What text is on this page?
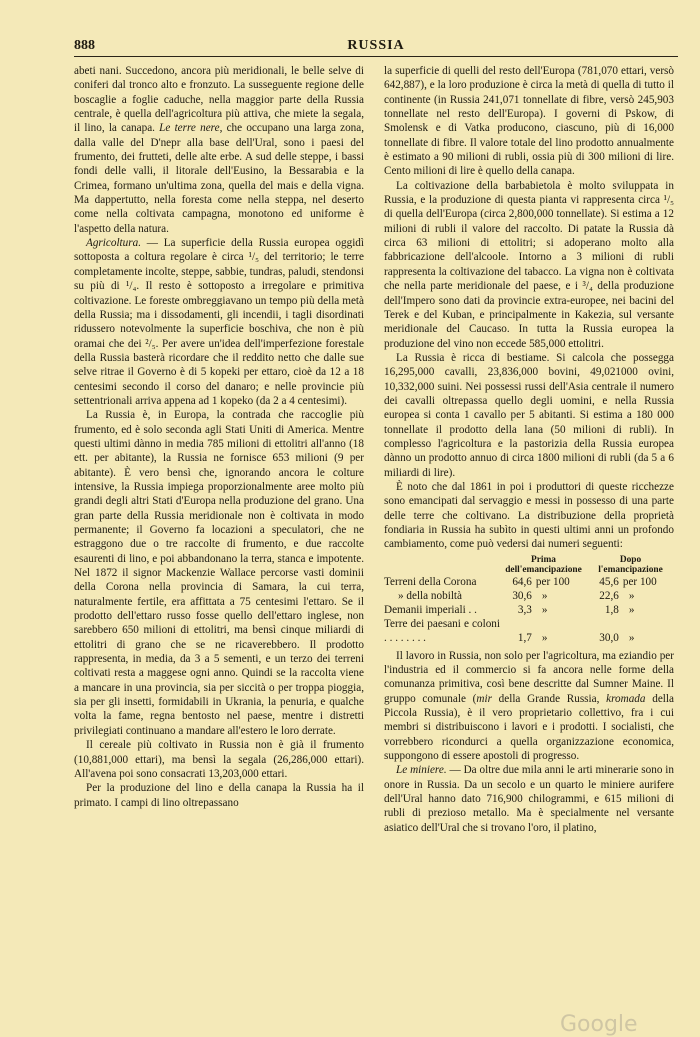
888	RUSSIA

abeti nani. Succedono, ancora più meridionali, le belle selve di coniferi dal tronco alto e fronzuto. La susseguente regione delle boscaglie a foglie caduche, nella maggior parte della Russia centrale, è quella dell'agricoltura più attiva, che miete la segala, il lino, la canapa. Le terre nere, che occupano una larga zona, dalla valle del D'nepr alla base dell'Ural, sono i paesi del frumento, dei frutteti, delle alte erbe. A sud delle steppe, i bassi fondi delle valli, il litorale dell'Eusino, la Bessarabia e la Crimea, formano un'ultima zona, quella del mais e della vigna. Ma dappertutto, nella foresta come nella steppa, nel deserto come nella coltivata campagna, monotono ed uniforme è l'aspetto della natura.

Agricoltura. — La superficie della Russia europea oggidì sottoposta a coltura regolare è circa ¹/₅ del territorio; le terre completamente incolte, steppe, sabbie, tundras, paludi, stendonsi su più di ¹/₄. Il resto è sottoposto a irregolare e primitiva coltivazione. Le foreste ombreggiavano un tempo più della metà della Russia; ma i dissodamenti, gli incendii, i tagli disordinati ridussero notevolmente la superficie boschiva, che non è più oramai che dei ²/₅. Per avere un'idea dell'imperfezione forestale della Russia basterà ricordare che il reddito netto che dalle sue selve ritrae il Governo è di 5 kopeki per ettaro, cioè da 12 a 18 centesimi secondo il corso del danaro; e nelle provincie più settentrionali arriva appena ad 1 kopeko (da 2 a 4 centesimi).

La Russia è, in Europa, la contrada che raccoglie più frumento, ed è solo seconda agli Stati Uniti di America. Mentre questi ultimi dànno in media 785 milioni di ettolitri all'anno (18 ett. per abitante), la Russia ne fornisce 653 milioni (9 per abitante). È vero bensì che, ignorando ancora le colture intensive, la Russia impiega proporzionalmente aree molto più grandi degli altri Stati d'Europa nella produzione del grano. Una gran parte della Russia meridionale non è coltivata in modo permanente; il Governo fa locazioni a speculatori, che ne estraggono due o tre raccolte di frumento, e due raccolte esaurenti di lino, e poi abbandonano la terra, stanca e impotente. Nel 1872 il signor Mackenzie Wallace percorse vasti dominii della Corona nella provincia di Samara, la cui terra, naturalmente fertile, era affittata a 75 centesimi l'ettaro. Se il prodotto dell'ettaro russo fosse quello dell'ettaro inglese, non sarebbero 650 milioni di ettolitri, ma bensì cinque miliardi di ettolitri di grano che se ne ricaverebbero. Il prodotto rappresenta, in media, da 3 a 5 sementi, e un terzo dei terreni coltivati resta a maggese ogni anno. Quindi se la raccolta viene a mancare in una provincia, sia per siccità o per troppa pioggia, sia per gli insetti, formidabili in Ukrania, la penuria, e qualche volta la fame, regna bentosto nel paese, mentre i distretti privilegiati continuano a mandare all'estero le loro derrate.

Il cereale più coltivato in Russia non è già il frumento (10,881,000 ettari), ma bensì la segala (26,286,000 ettari). All'avena poi sono consacrati 13,203,000 ettari.

Per la produzione del lino e della canapa la Russia ha il primato. I campi di lino oltrepassano

la superficie di quelli del resto dell'Europa (781,070 ettari, versò 642,887), e la loro produzione è circa la metà di quella di tutto il continente (in Russia 241,071 tonnellate di fibre, versò 245,903 tonnellate nel resto dell'Europa). I governi di Pskow, di Smolensk e di Vatka producono, ciascuno, più di 16,000 tonnellate di fibre. Il valore totale del lino prodotto annualmente è estimato a 90 milioni di rubli, ossia più di 300 milioni di lire. Cento milioni di lire è quello della canapa.

La coltivazione della barbabietola è molto sviluppata in Russia, e la produzione di questa pianta vi rappresenta circa ¹/₅ di quella dell'Europa (circa 2,800,000 tonnellate). Si estima a 12 milioni di rubli il valore del raccolto. Di patate la Russia dà circa 63 milioni di ettolitri; si adoperano molto alla fabbricazione dell'alcoole. Intorno a 3 milioni di rubli rappresenta la coltivazione del tabacco. La vigna non è coltivata che nella parte meridionale del paese, e i ³/₄ della produzione dell'Impero sono dati da provincie extra-europee, nei bacini del Terek e del Kuban, e principalmente in Kakezia, sul versante meridionale del Caucaso. In tutta la Russia europea la produzione del vino non eccede 585,000 ettolitri.

La Russia è ricca di bestiame. Si calcola che possegga 16,295,000 cavalli, 23,836,000 bovini, 49,021000 ovini, 10,332,000 suini. Nei possessi russi dell'Asia centrale il numero dei cavalli oltrepassa quello degli uomini, e nella Russia europea si conta 1 cavallo per 5 abitanti. Si estima a 180 000 tonnellate il prodotto della lana (50 milioni di rubli). In complesso l'agricoltura e la pastorizia della Russia europea dànno un prodotto annuo di circa 1800 milioni di rubli (da 5 a 6 miliardi di lire).

È noto che dal 1861 in poi i produttori di queste ricchezze sono emancipati dal servaggio e messi in possesso di una parte delle terre che coltivano. La distribuzione della proprietà fondiaria in Russia ha subìto in questi ultimi anni un profondo cambiamento, come può vedersi dai numeri seguenti:

	Prima dell'emancipazione		Dopo l'emancipazione	
Terreni della Corona	64,6	per 100	45,6	per 100
» della nobiltà	30,6	»	22,6	»
Demanii imperiali . .	3,3	»	1,8	»
Terre dei paesani e coloni . . . . . . . .	1,7	»	30,0	»

Il lavoro in Russia, non solo per l'agricoltura, ma eziandio per l'industria ed il commercio si fa ancora nelle forme della comunanza primitiva, così bene descritte dal Sumner Maine. Il gruppo comunale (mir della Grande Russia, kromada della Piccola Russia), è il vero proprietario collettivo, fra i cui membri si distribuiscono i lavori e i prodotti. I socialisti, che vorrebbero ricondurci a quella organizzazione economica, suppongono di essere apostoli di progresso.

Le miniere. — Da oltre due mila anni le arti minerarie sono in onore in Russia. Da un secolo e un quarto le miniere aurifere dell'Ural hanno dato 716,900 chilogrammi, e 615 milioni di rubli di prezioso metallo. Ma è specialmente nel versante asiatico dell'Ural che si trovano l'oro, il platino,

Google
